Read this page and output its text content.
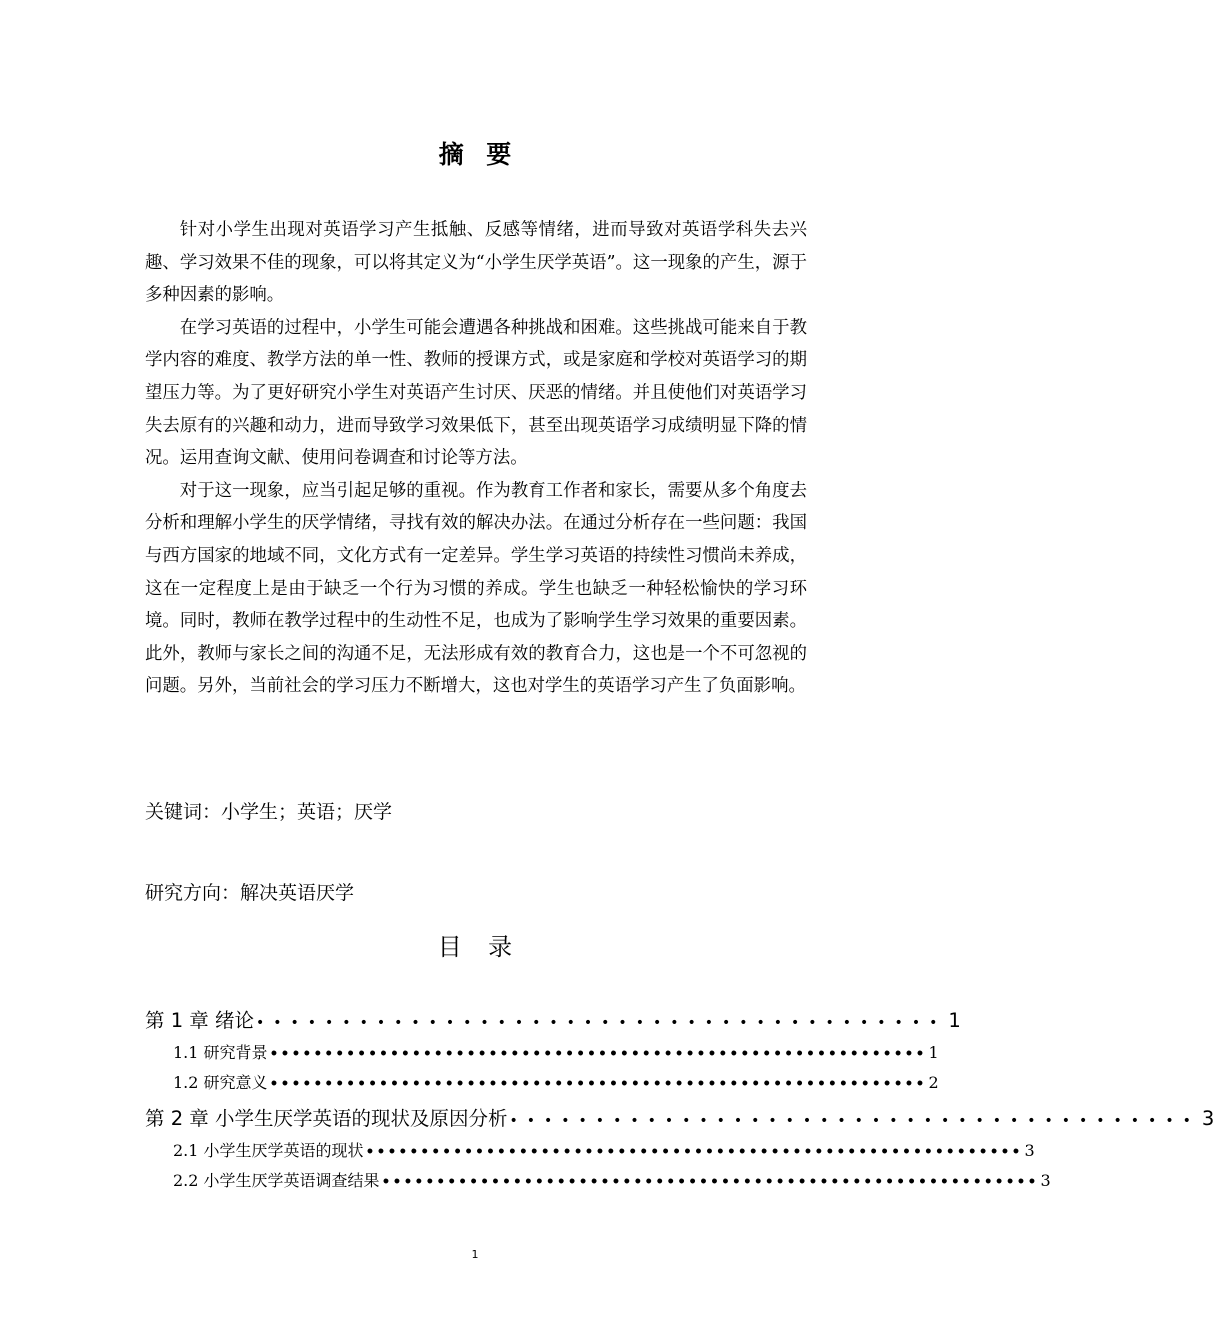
摘要

针对小学生出现对英语学习产生抵触、反感等情绪，进而导致对英语学科失去兴趣、学习效果不佳的现象，可以将其定义为“小学生厌学英语”。这一现象的产生，源于多种因素的影响。

在学习英语的过程中，小学生可能会遭遇各种挑战和困难。这些挑战可能来自于教学内容的难度、教学方法的单一性、教师的授课方式，或是家庭和学校对英语学习的期望压力等。为了更好研究小学生对英语产生讨厌、厌恶的情绪。并且使他们对英语学习失去原有的兴趣和动力，进而导致学习效果低下，甚至出现英语学习成绩明显下降的情况。运用查询文献、使用问卷调查和讨论等方法。

对于这一现象，应当引起足够的重视。作为教育工作者和家长，需要从多个角度去分析和理解小学生的厌学情绪，寻找有效的解决办法。在通过分析存在一些问题：我国与西方国家的地域不同，文化方式有一定差异。学生学习英语的持续性习惯尚未养成，这在一定程度上是由于缺乏一个行为习惯的养成。学生也缺乏一种轻松愉快的学习环境。同时，教师在教学过程中的生动性不足，也成为了影响学生学习效果的重要因素。此外，教师与家长之间的沟通不足，无法形成有效的教育合力，这也是一个不可忽视的问题。另外，当前社会的学习压力不断增大，这也对学生的英语学习产生了负面影响。

关键词：小学生；英语；厌学
研究方向：解决英语厌学
目录
第 1 章 绪论 •••••••••••••••••••••••••••••••••••••••• 1
1.1 研究背景 •••••••••••••••••••••••••••••••••••••••••••••••••••••••••••• 1
1.2 研究意义 •••••••••••••••••••••••••••••••••••••••••••••••••••••••••••• 2
第 2 章 小学生厌学英语的现状及原因分析 •••••••••••••••••••••••••••••••••••••••• 3
2.1 小学生厌学英语的现状 •••••••••••••••••••••••••••••••••••••••••••••••••••••••••••• 3
2.2 小学生厌学英语调查结果 •••••••••••••••••••••••••••••••••••••••••••••••••••••••••••• 3
1
